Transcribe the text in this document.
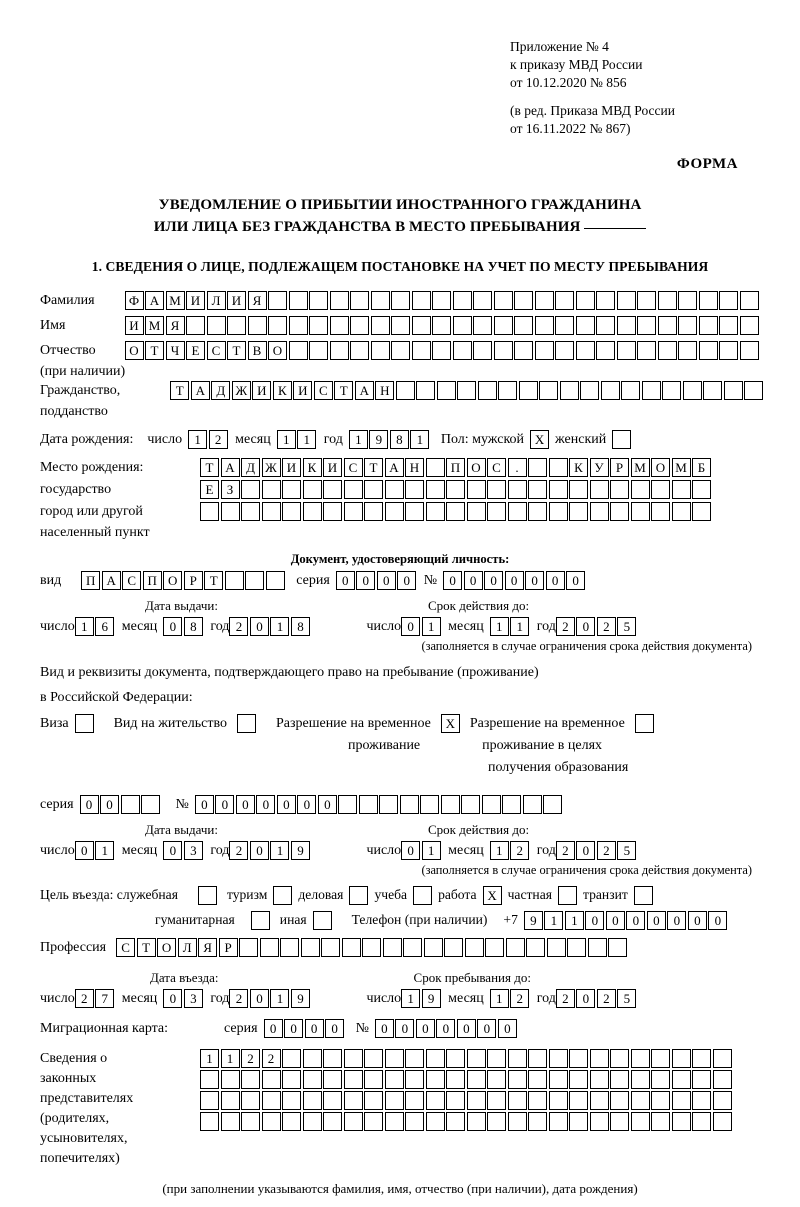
Приложение № 4
к приказу МВД России
от 10.12.2020 № 856
(в ред. Приказа МВД России
от 16.11.2022 № 867)
ФОРМА
УВЕДОМЛЕНИЕ О ПРИБЫТИИ ИНОСТРАННОГО ГРАЖДАНИНА
ИЛИ ЛИЦА БЕЗ ГРАЖДАНСТВА В МЕСТО ПРЕБЫВАНИЯ
1. СВЕДЕНИЯ О ЛИЦЕ, ПОДЛЕЖАЩЕМ ПОСТАНОВКЕ НА УЧЕТ ПО МЕСТУ ПРЕБЫВАНИЯ
Фамилия	Ф А М И Л И Я
Имя	И М Я
Отчество	О Т Ч Е С Т В О
(при наличии)
Гражданство,	Т А Д Ж И К И С Т А Н
подданство
Дата рождения: число 1	2 месяц 1	1 год 1	9	8	1	Пол: мужской X женский
Место рождения:	Т А Д Ж И К И С Т А Н	П О С	.	К У Р М О М Б
государство	Е	З
город или другой
населенный пункт
Документ, удостоверяющий личность:
вид	П А С П О Р Т	серия 0	0	0	0 № 0	0	0	0	0	0	0
Дата выдачи:	Срок действия до:
число 1	6 месяц 0	8 год 2	0	1	8	число 0	1 месяц 1	1 год 2	0	2	5
(заполняется в случае ограничения срока действия документа)
Вид и реквизиты документа, подтверждающего право на пребывание (проживание)
в Российской Федерации:
Виза	Вид на жительство	Разрешение на временное	X	Разрешение на временное
проживание	проживание в целях
получения образования
серия 0	0	№ 0	0	0	0	0	0	0
Дата выдачи:	Срок действия до:
число 0	1 месяц 0	3 год 2	0	1	9	число 0	1 месяц 1	2 год 2	0	2	5
(заполняется в случае ограничения срока действия документа)
Цель въезда: служебная	туризм деловая учеба работа X частная транзит
гуманитарная	иная	Телефон (при наличии) +7 9	1	1	0	0	0	0	0	0	0
Профессия	С Т О Л Я Р
Дата въезда:	Срок пребывания до:
число 2	7 месяц 0	3 год 2	0	1	9	число 1	9 месяц 1	2 год 2	0	2	5
Миграционная карта:	серия 0	0	0	0	№ 0	0	0	0	0	0	0
Сведения о
законных
представителях
(родителях,
усыновителях,
попечителях)
1	1	2	2
(при заполнении указываются фамилия, имя, отчество (при наличии), дата рождения)
